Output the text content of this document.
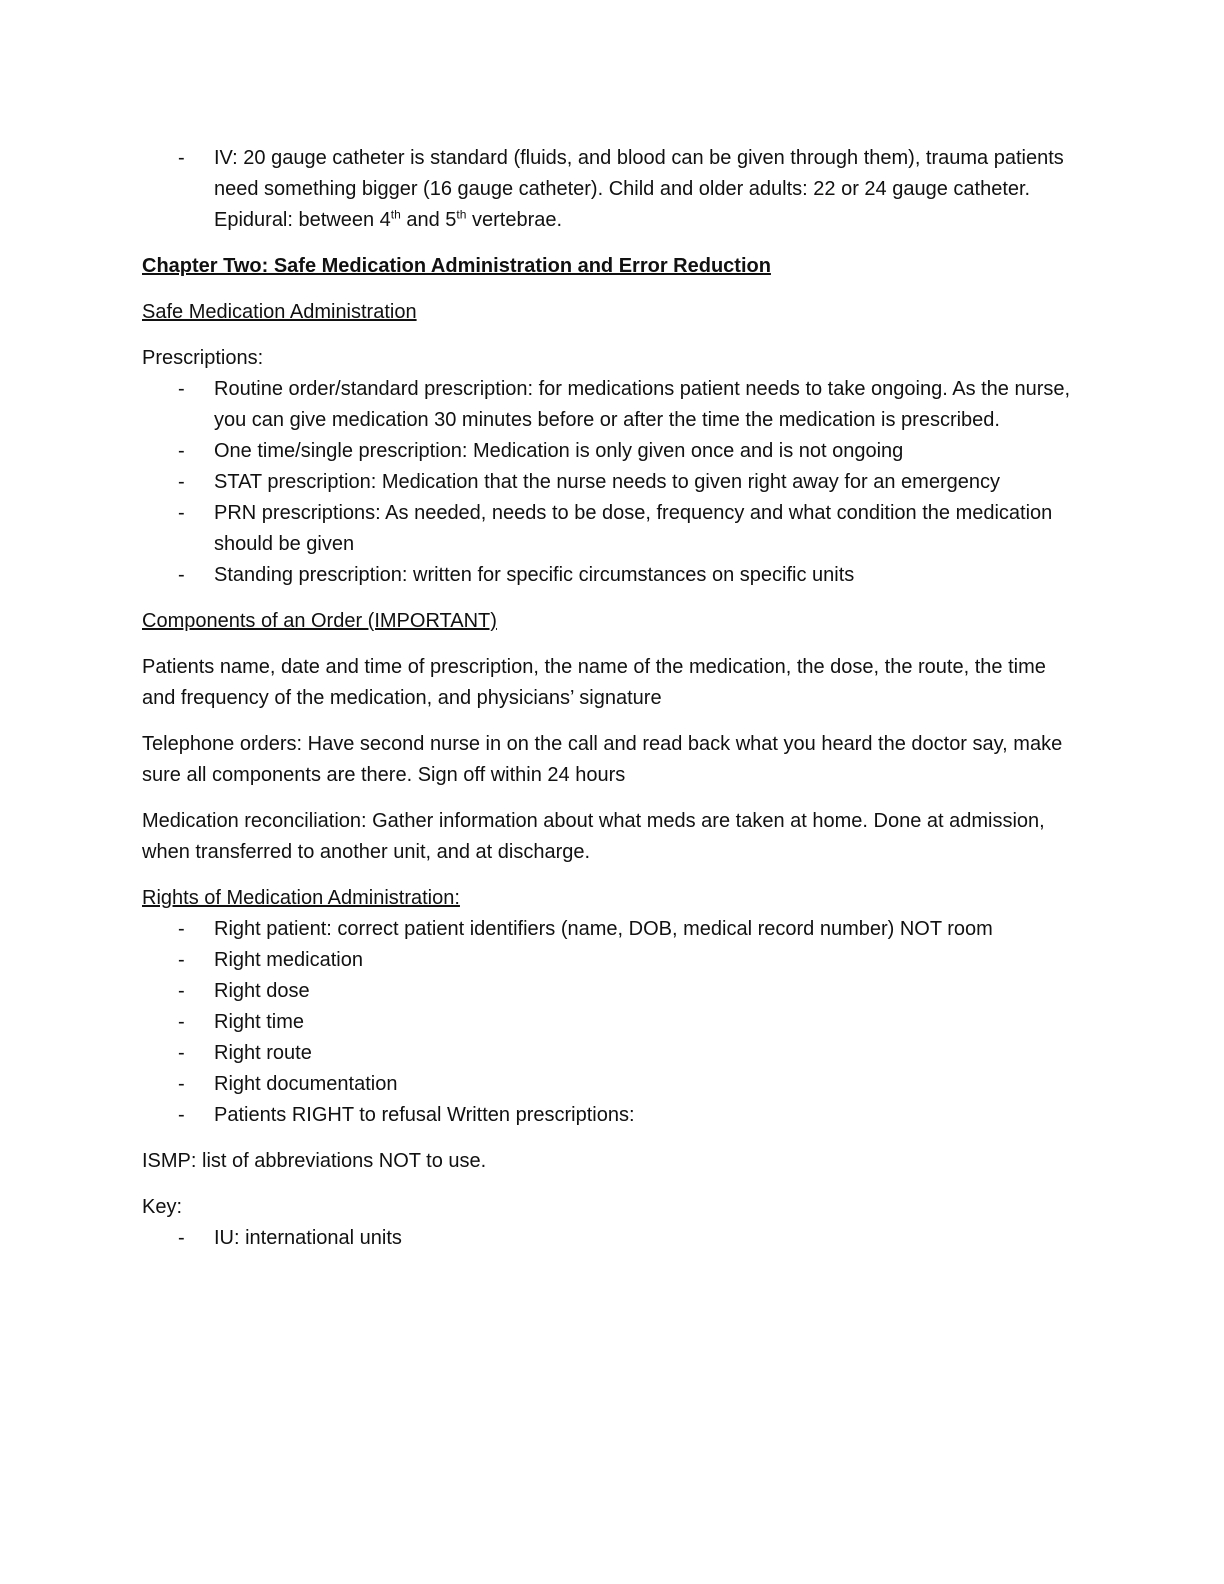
- IV: 20 gauge catheter is standard (fluids, and blood can be given through them), trauma patients need something bigger (16 gauge catheter). Child and older adults: 22 or 24 gauge catheter. Epidural: between 4th and 5th vertebrae.
Chapter Two: Safe Medication Administration and Error Reduction
Safe Medication Administration

Prescriptions:

- Routine order/standard prescription: for medications patient needs to take ongoing. As the nurse, you can give medication 30 minutes before or after the time the medication is prescribed.
- One time/single prescription: Medication is only given once and is not ongoing
- STAT prescription: Medication that the nurse needs to given right away for an emergency
- PRN prescriptions: As needed, needs to be dose, frequency and what condition the medication should be given
- Standing prescription: written for specific circumstances on specific units
Components of an Order (IMPORTANT)

Patients name, date and time of prescription, the name of the medication, the dose, the route, the time and frequency of the medication, and physicians’ signature

Telephone orders: Have second nurse in on the call and read back what you heard the doctor say, make sure all components are there. Sign off within 24 hours

Medication reconciliation: Gather information about what meds are taken at home. Done at admission, when transferred to another unit, and at discharge.

Rights of Medication Administration:
- Right patient: correct patient identifiers (name, DOB, medical record number) NOT room
- Right medication
- Right dose
- Right time
- Right route
- Right documentation
- Patients RIGHT to refusal Written prescriptions:

ISMP: list of abbreviations NOT to use.

Key:

- IU: international units
